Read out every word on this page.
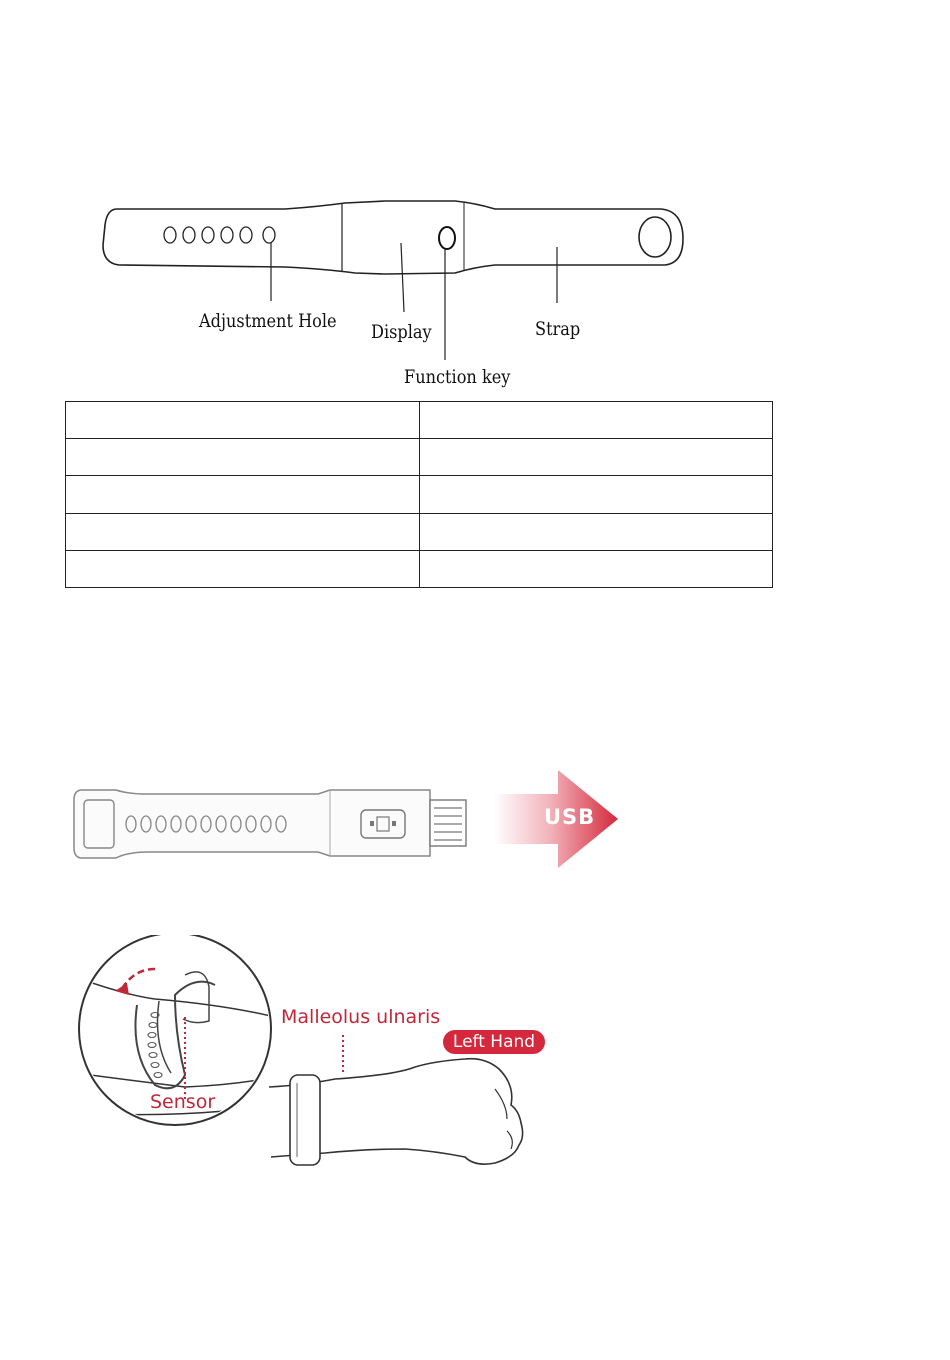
Adjustment Hole Display	Strap
Function key

USB
Sensor
Malleolus ulnaris
Left Hand
